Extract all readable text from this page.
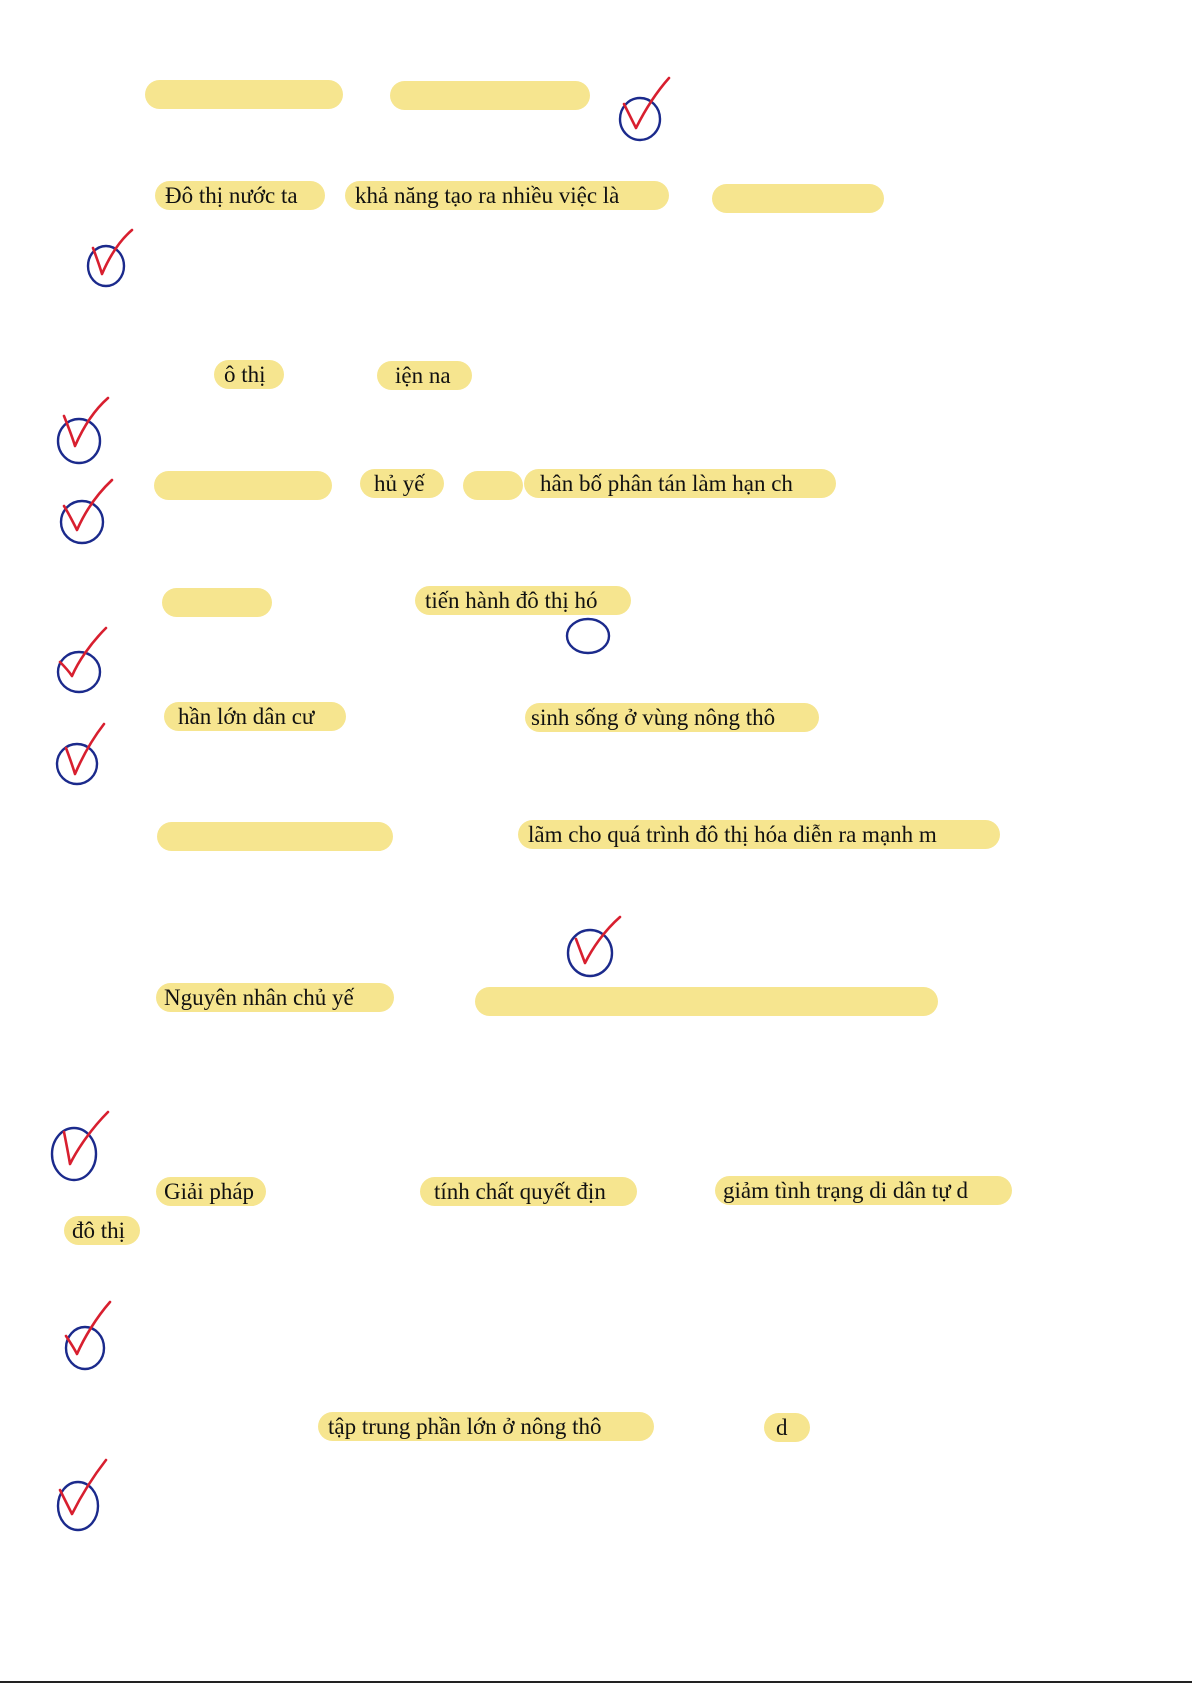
Đô thị nước ta	khả năng tạo ra nhiều việc là
ô thị	iện na
hủ yế	hân bố phân tán làm hạn ch
tiến hành đô thị hó
hần lớn dân cư	sinh sống ở vùng nông thô
lãm cho quá trình đô thị hóa diễn ra mạnh m
Nguyên nhân chủ yế
Giải pháp	tính chất quyết địn	giảm tình trạng di dân tự d
đô thị
tập trung phần lớn ở nông thô	d
